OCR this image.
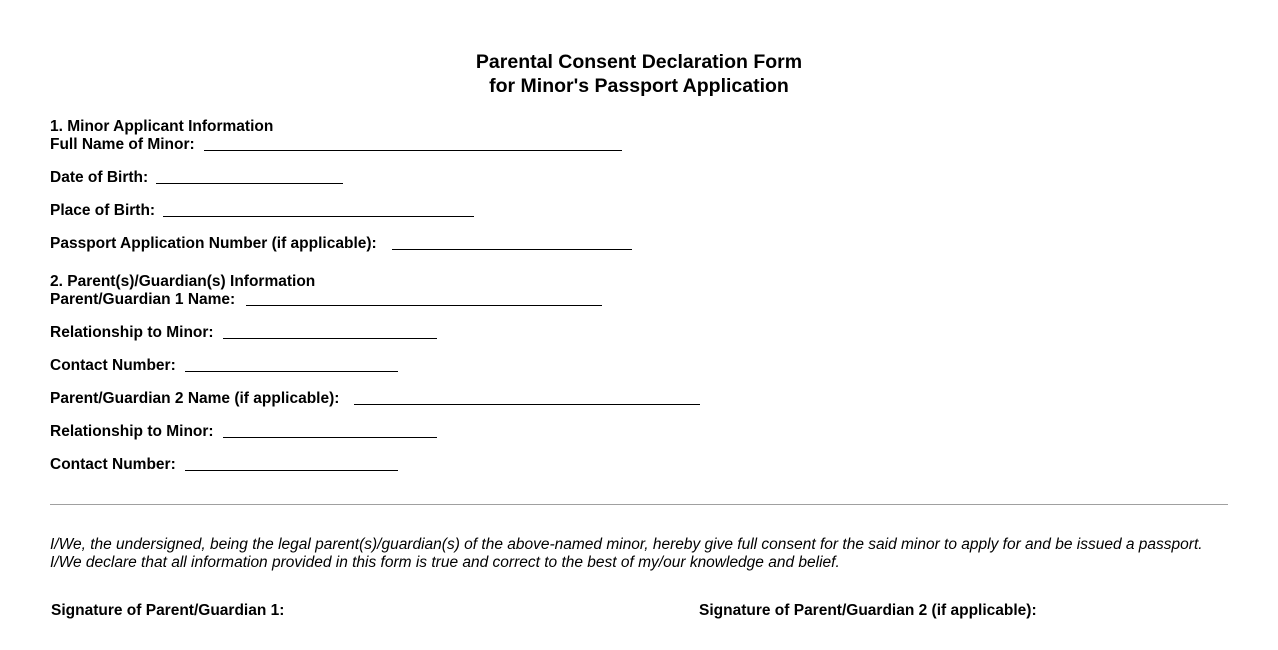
Parental Consent Declaration Form
for Minor's Passport Application
1. Minor Applicant Information
Full Name of Minor:
Date of Birth:
Place of Birth:
Passport Application Number (if applicable):
2. Parent(s)/Guardian(s) Information
Parent/Guardian 1 Name:
Relationship to Minor:
Contact Number:
Parent/Guardian 2 Name (if applicable):
Relationship to Minor:
Contact Number:
I/We, the undersigned, being the legal parent(s)/guardian(s) of the above-named minor, hereby give full consent for the said minor to apply for and be issued a passport. I/We declare that all information provided in this form is true and correct to the best of my/our knowledge and belief.
Signature of Parent/Guardian 1:	Signature of Parent/Guardian 2 (if applicable):
